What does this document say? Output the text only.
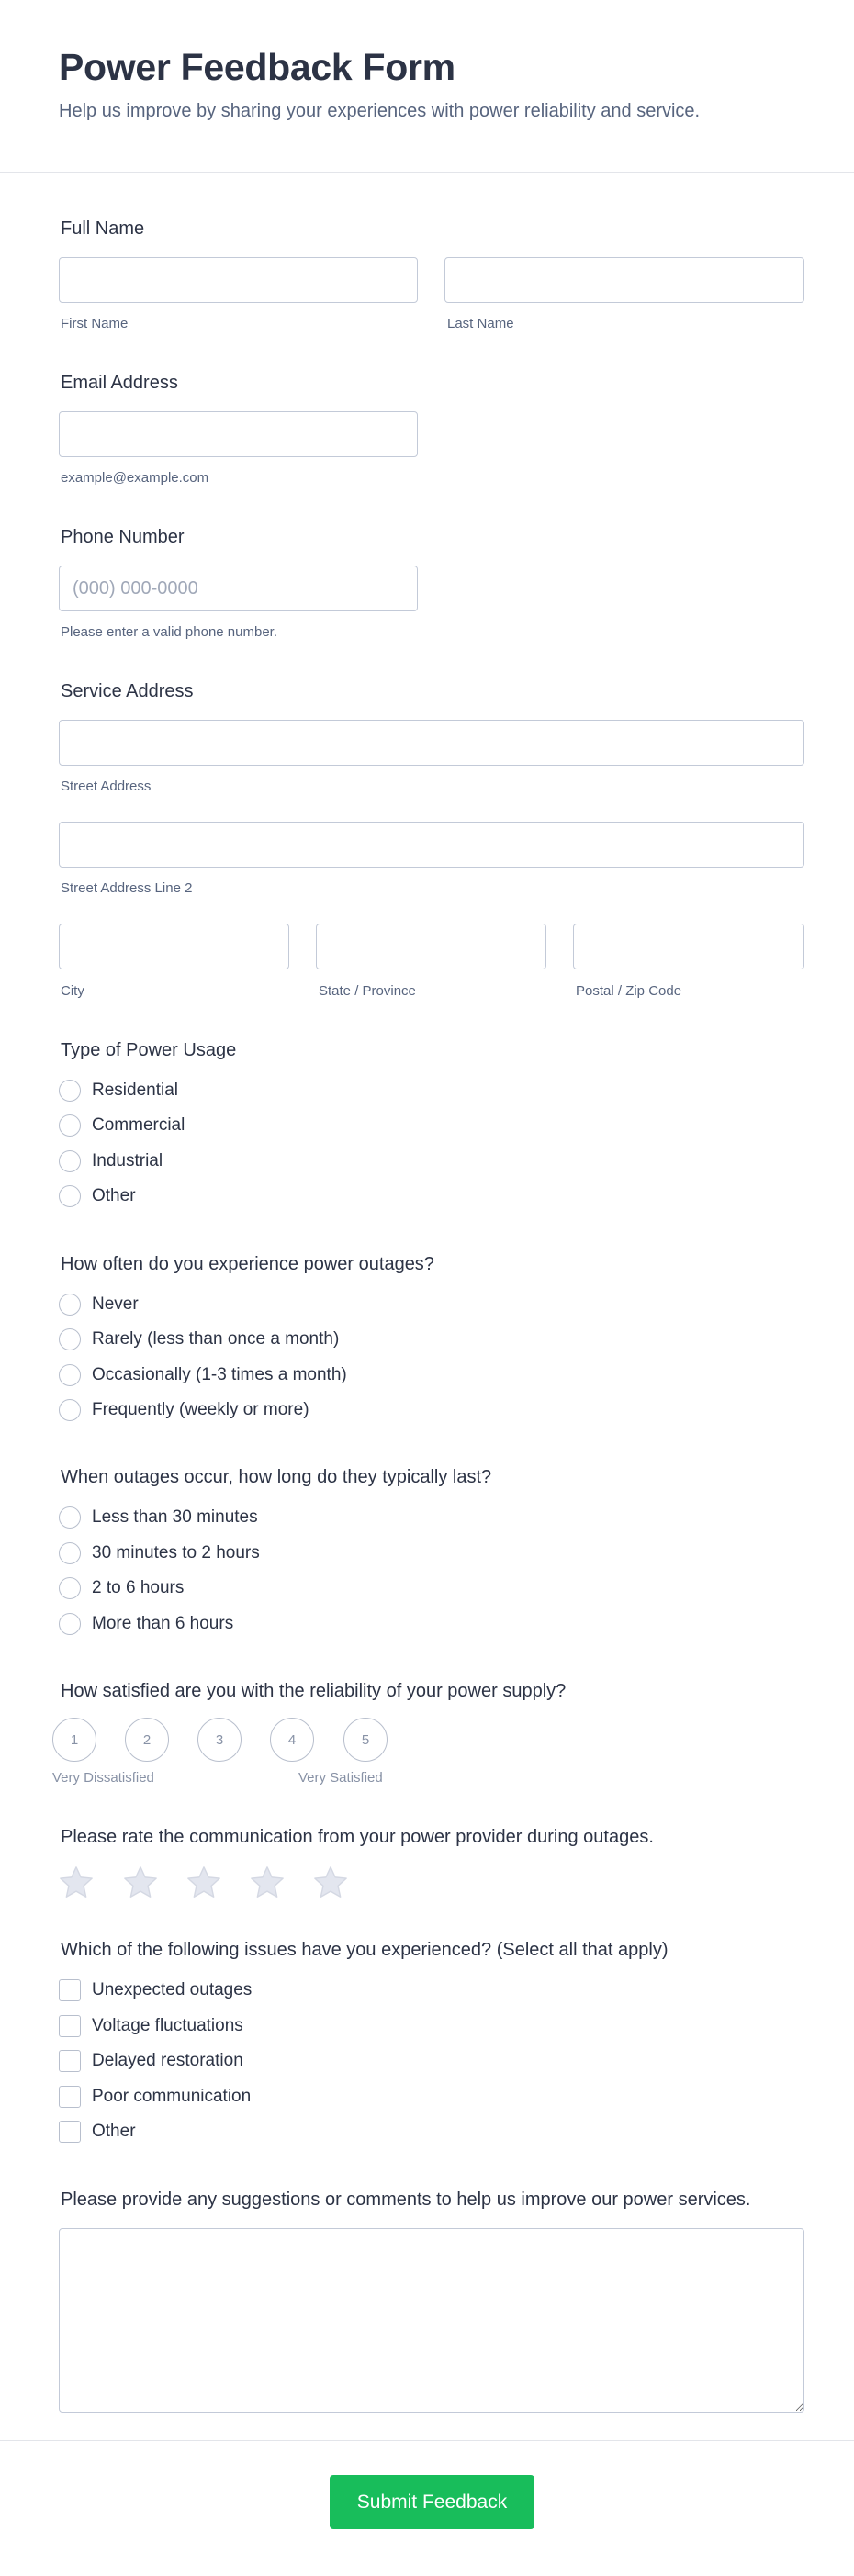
Power Feedback Form

Help us improve by sharing your experiences with power reliability and service.

Full Name
First Name	Last Name
Email Address
example@example.com
Phone Number
(000) 000-0000
Please enter a valid phone number.
Service Address
Street Address
Street Address Line 2
City	State / Province	Postal / Zip Code
Type of Power Usage
Residential
Commercial
Industrial
Other
How often do you experience power outages?
Never
Rarely (less than once a month)
Occasionally (1-3 times a month)
Frequently (weekly or more)
When outages occur, how long do they typically last?
Less than 30 minutes
30 minutes to 2 hours
2 to 6 hours
More than 6 hours
How satisfied are you with the reliability of your power supply?
1	2	3	4	5
Very Dissatisfied	Very Satisfied
Please rate the communication from your power provider during outages.
Which of the following issues have you experienced? (Select all that apply)
Unexpected outages
Voltage fluctuations
Delayed restoration
Poor communication
Other
Please provide any suggestions or comments to help us improve our power services.
Submit Feedback
